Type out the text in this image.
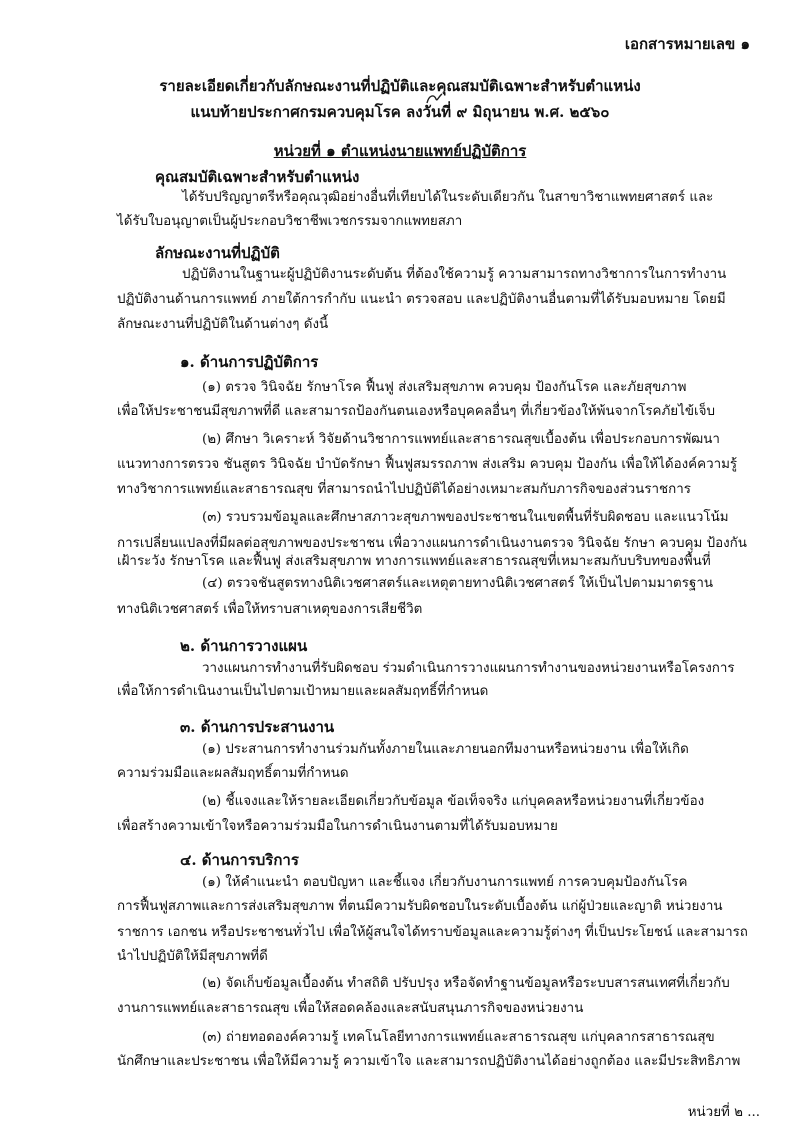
เอกสารหมายเลข ๑
รายละเอียดเกี่ยวกับลักษณะงานที่ปฏิบัติและคุณสมบัติเฉพาะสำหรับตำแหน่ง
แนบท้ายประกาศกรมควบคุมโรค ลงวันที่ ๙ มิถุนายน พ.ศ. ๒๕๖๐
หน่วยที่ ๑ ตำแหน่งนายแพทย์ปฏิบัติการ
คุณสมบัติเฉพาะสำหรับตำแหน่ง
ได้รับปริญญาตรีหรือคุณวุฒิอย่างอื่นที่เทียบได้ในระดับเดียวกัน ในสาขาวิชาแพทยศาสตร์ และ
ได้รับใบอนุญาตเป็นผู้ประกอบวิชาชีพเวชกรรมจากแพทยสภา
ลักษณะงานที่ปฏิบัติ
ปฏิบัติงานในฐานะผู้ปฏิบัติงานระดับต้น ที่ต้องใช้ความรู้ ความสามารถทางวิชาการในการทำงาน
ปฏิบัติงานด้านการแพทย์ ภายใต้การกำกับ แนะนำ ตรวจสอบ และปฏิบัติงานอื่นตามที่ได้รับมอบหมาย โดยมี
ลักษณะงานที่ปฏิบัติในด้านต่างๆ ดังนี้
๑. ด้านการปฏิบัติการ
(๑) ตรวจ วินิจฉัย รักษาโรค ฟื้นฟู ส่งเสริมสุขภาพ ควบคุม ป้องกันโรค และภัยสุขภาพ
เพื่อให้ประชาชนมีสุขภาพที่ดี และสามารถป้องกันตนเองหรือบุคคลอื่นๆ ที่เกี่ยวข้องให้พ้นจากโรคภัยไข้เจ็บ
(๒) ศึกษา วิเคราะห์ วิจัยด้านวิชาการแพทย์และสาธารณสุขเบื้องต้น เพื่อประกอบการพัฒนา
แนวทางการตรวจ ชันสูตร วินิจฉัย บำบัดรักษา ฟื้นฟูสมรรถภาพ ส่งเสริม ควบคุม ป้องกัน เพื่อให้ได้องค์ความรู้
ทางวิชาการแพทย์และสาธารณสุข ที่สามารถนำไปปฏิบัติได้อย่างเหมาะสมกับภารกิจของส่วนราชการ
(๓) รวบรวมข้อมูลและศึกษาสภาวะสุขภาพของประชาชนในเขตพื้นที่รับผิดชอบ และแนวโน้ม
การเปลี่ยนแปลงที่มีผลต่อสุขภาพของประชาชน เพื่อวางแผนการดำเนินงานตรวจ วินิจฉัย รักษา ควบคุม ป้องกัน
เฝ้าระวัง รักษาโรค และฟื้นฟู ส่งเสริมสุขภาพ ทางการแพทย์และสาธารณสุขที่เหมาะสมกับบริบทของพื้นที่
(๔) ตรวจชันสูตรทางนิติเวชศาสตร์และเหตุตายทางนิติเวชศาสตร์ ให้เป็นไปตามมาตรฐาน
ทางนิติเวชศาสตร์ เพื่อให้ทราบสาเหตุของการเสียชีวิต
๒. ด้านการวางแผน
วางแผนการทำงานที่รับผิดชอบ ร่วมดำเนินการวางแผนการทำงานของหน่วยงานหรือโครงการ
เพื่อให้การดำเนินงานเป็นไปตามเป้าหมายและผลสัมฤทธิ์ที่กำหนด
๓. ด้านการประสานงาน
(๑) ประสานการทำงานร่วมกันทั้งภายในและภายนอกทีมงานหรือหน่วยงาน เพื่อให้เกิด
ความร่วมมือและผลสัมฤทธิ์ตามที่กำหนด
(๒) ชี้แจงและให้รายละเอียดเกี่ยวกับข้อมูล ข้อเท็จจริง แก่บุคคลหรือหน่วยงานที่เกี่ยวข้อง
เพื่อสร้างความเข้าใจหรือความร่วมมือในการดำเนินงานตามที่ได้รับมอบหมาย
๔. ด้านการบริการ
(๑) ให้คำแนะนำ ตอบปัญหา และชี้แจง เกี่ยวกับงานการแพทย์ การควบคุมป้องกันโรค
การฟื้นฟูสภาพและการส่งเสริมสุขภาพ ที่ตนมีความรับผิดชอบในระดับเบื้องต้น แก่ผู้ป่วยและญาติ หน่วยงาน
ราชการ เอกชน หรือประชาชนทั่วไป เพื่อให้ผู้สนใจได้ทราบข้อมูลและความรู้ต่างๆ ที่เป็นประโยชน์ และสามารถ
นำไปปฏิบัติให้มีสุขภาพที่ดี
(๒) จัดเก็บข้อมูลเบื้องต้น ทำสถิติ ปรับปรุง หรือจัดทำฐานข้อมูลหรือระบบสารสนเทศที่เกี่ยวกับ
งานการแพทย์และสาธารณสุข เพื่อให้สอดคล้องและสนับสนุนภารกิจของหน่วยงาน
(๓) ถ่ายทอดองค์ความรู้ เทคโนโลยีทางการแพทย์และสาธารณสุข แก่บุคลากรสาธารณสุข
นักศึกษาและประชาชน เพื่อให้มีความรู้ ความเข้าใจ และสามารถปฏิบัติงานได้อย่างถูกต้อง และมีประสิทธิภาพ
หน่วยที่ ๒ ...
